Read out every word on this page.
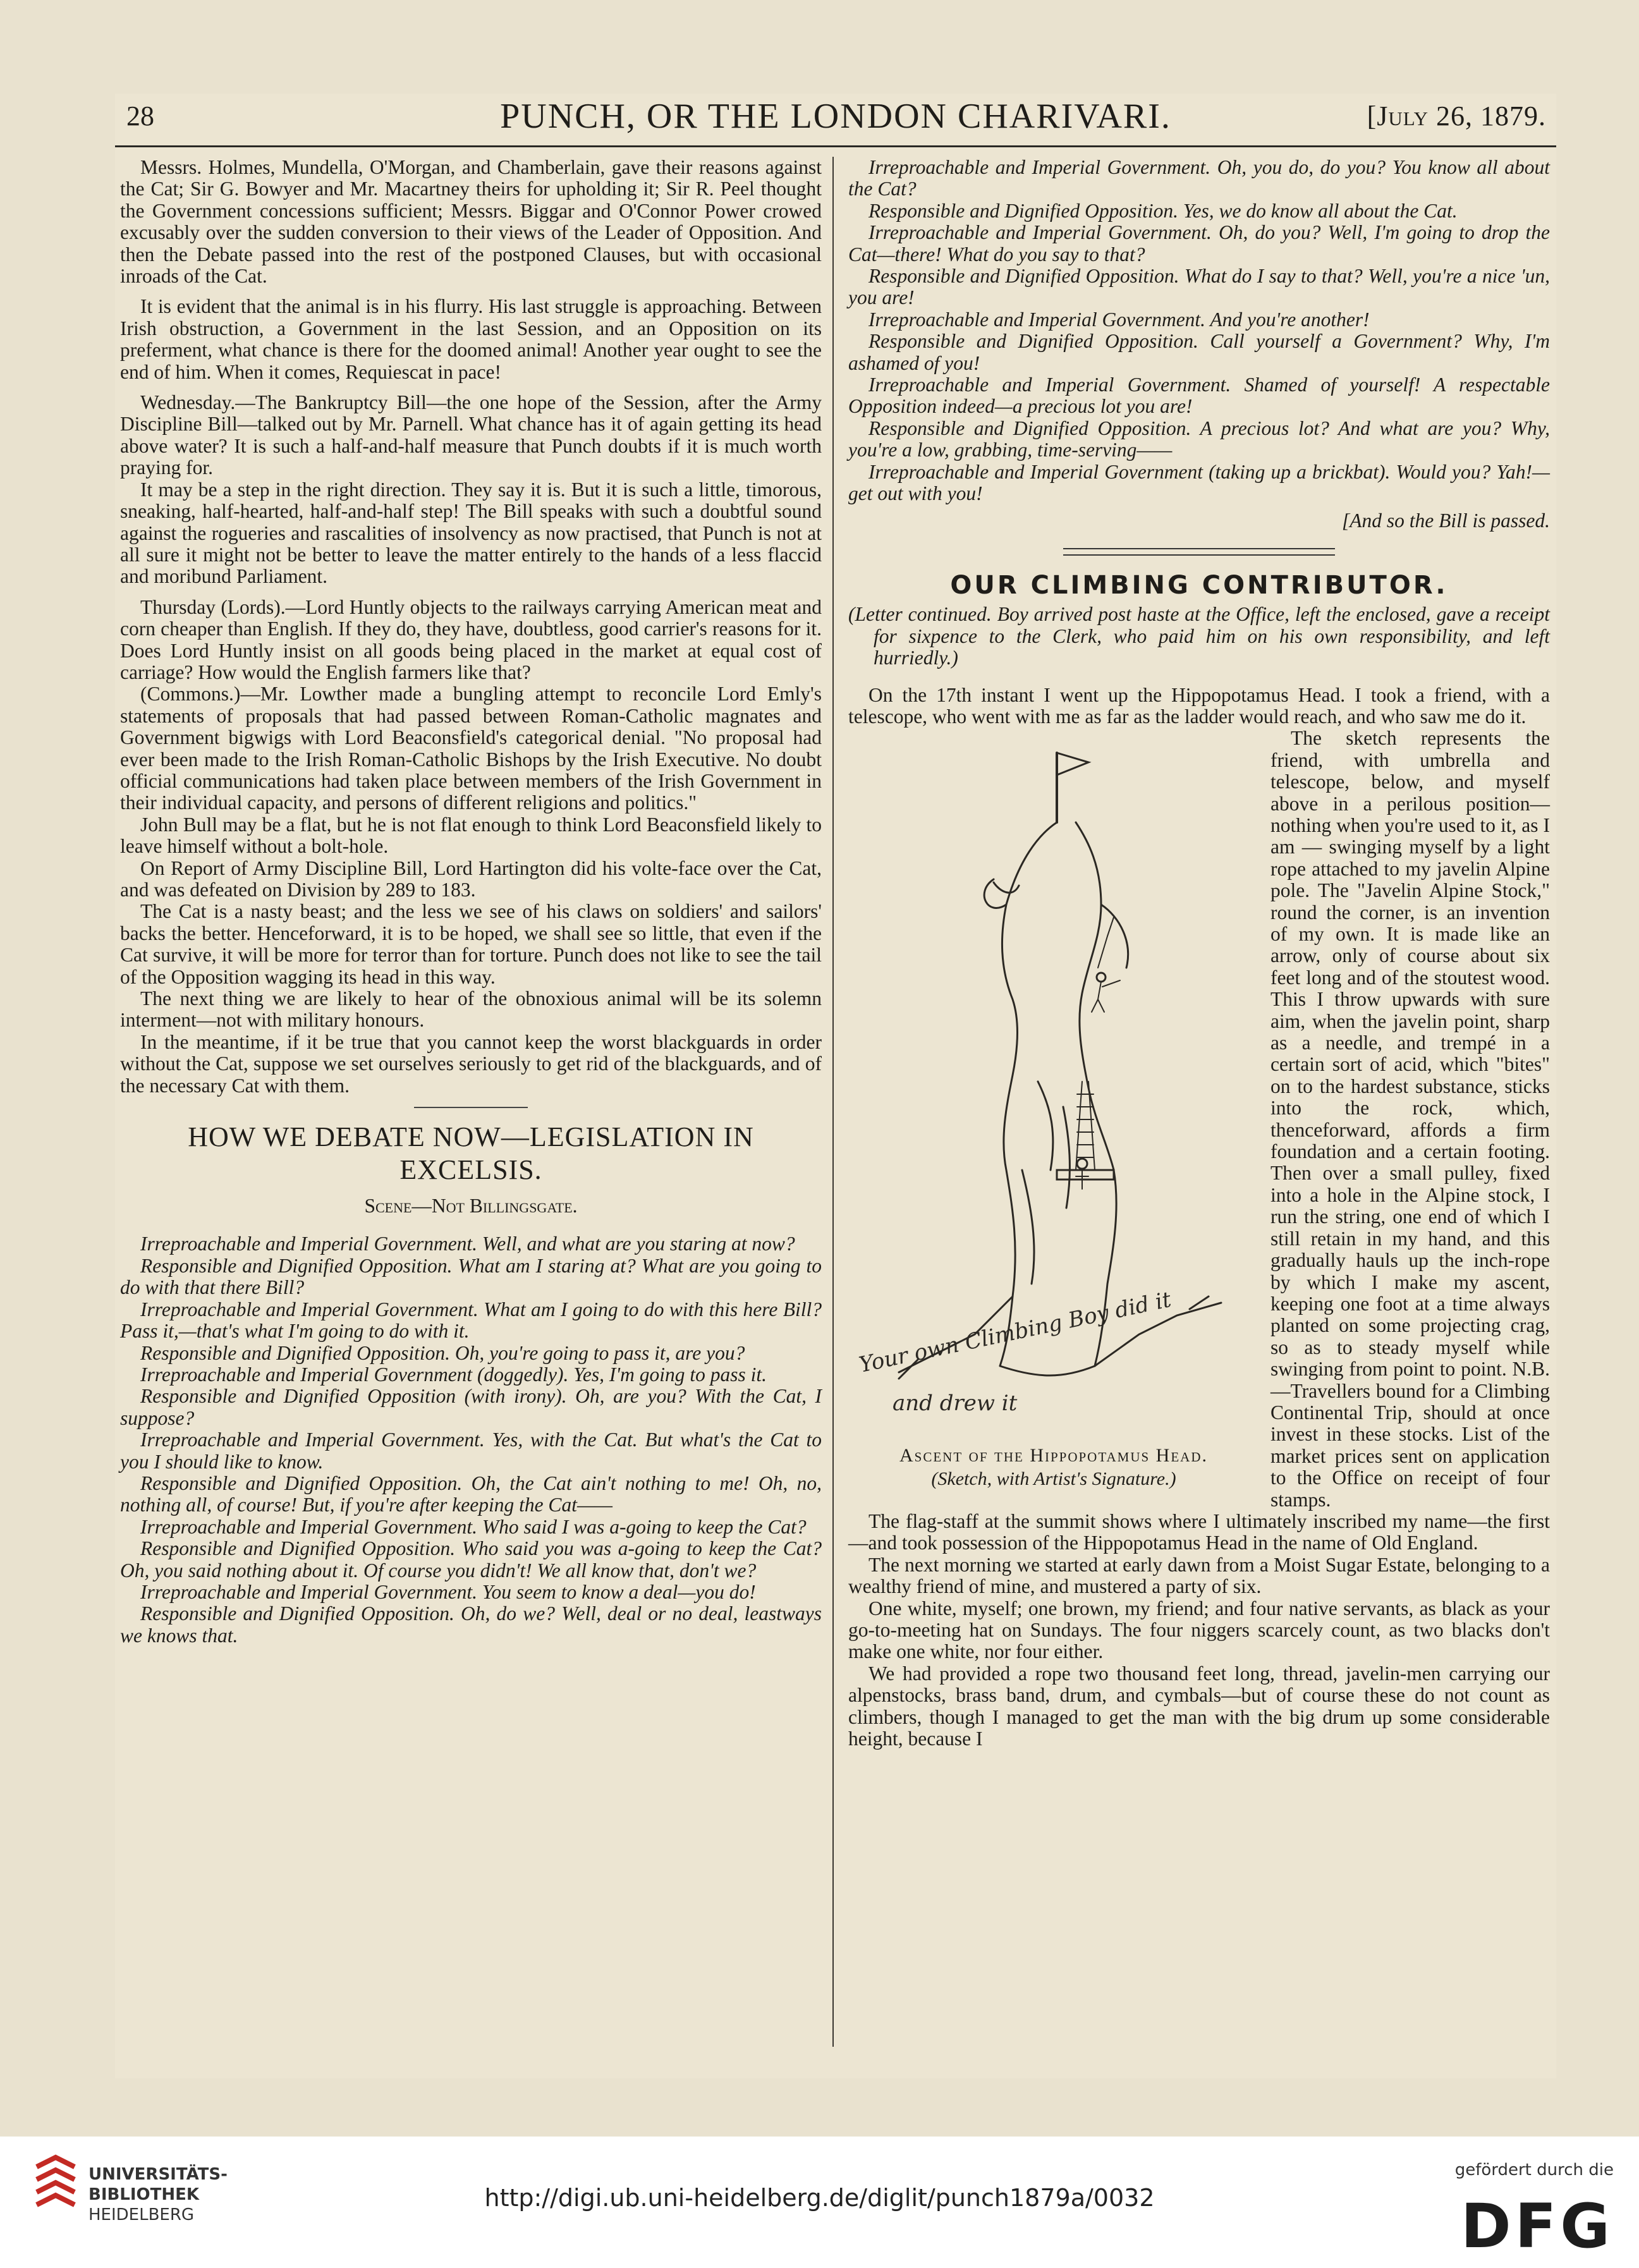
28	PUNCH, OR THE LONDON CHARIVARI.	[July 26, 1879.

Messrs. Holmes, Mundella, O'Morgan, and Chamberlain, gave their reasons against the Cat; Sir G. Bowyer and Mr. Macartney theirs for upholding it; Sir R. Peel thought the Government concessions sufficient; Messrs. Biggar and O'Connor Power crowed excusably over the sudden conversion to their views of the Leader of Opposition. And then the Debate passed into the rest of the postponed Clauses, but with occasional inroads of the Cat.

It is evident that the animal is in his flurry. His last struggle is approaching. Between Irish obstruction, a Government in the last Session, and an Opposition on its preferment, what chance is there for the doomed animal! Another year ought to see the end of him. When it comes, Requiescat in pace!

Wednesday.—The Bankruptcy Bill—the one hope of the Session, after the Army Discipline Bill—talked out by Mr. Parnell. What chance has it of again getting its head above water? It is such a half-and-half measure that Punch doubts if it is much worth praying for.

It may be a step in the right direction. They say it is. But it is such a little, timorous, sneaking, half-hearted, half-and-half step! The Bill speaks with such a doubtful sound against the rogueries and rascalities of insolvency as now practised, that Punch is not at all sure it might not be better to leave the matter entirely to the hands of a less flaccid and moribund Parliament.

Thursday (Lords).—Lord Huntly objects to the railways carrying American meat and corn cheaper than English. If they do, they have, doubtless, good carrier's reasons for it. Does Lord Huntly insist on all goods being placed in the market at equal cost of carriage? How would the English farmers like that?

(Commons.)—Mr. Lowther made a bungling attempt to reconcile Lord Emly's statements of proposals that had passed between Roman-Catholic magnates and Government bigwigs with Lord Beaconsfield's categorical denial. "No proposal had ever been made to the Irish Roman-Catholic Bishops by the Irish Executive. No doubt official communications had taken place between members of the Irish Government in their individual capacity, and persons of different religions and politics."

John Bull may be a flat, but he is not flat enough to think Lord Beaconsfield likely to leave himself without a bolt-hole.

On Report of Army Discipline Bill, Lord Hartington did his volte-face over the Cat, and was defeated on Division by 289 to 183.

The Cat is a nasty beast; and the less we see of his claws on soldiers' and sailors' backs the better. Henceforward, it is to be hoped, we shall see so little, that even if the Cat survive, it will be more for terror than for torture. Punch does not like to see the tail of the Opposition wagging its head in this way.

The next thing we are likely to hear of the obnoxious animal will be its solemn interment—not with military honours.

In the meantime, if it be true that you cannot keep the worst blackguards in order without the Cat, suppose we set ourselves seriously to get rid of the blackguards, and of the necessary Cat with them.

HOW WE DEBATE NOW—LEGISLATION IN EXCELSIS.
Scene—Not Billingsgate.

Irreproachable and Imperial Government. Well, and what are you staring at now?

Responsible and Dignified Opposition. What am I staring at? What are you going to do with that there Bill?

Irreproachable and Imperial Government. What am I going to do with this here Bill? Pass it,—that's what I'm going to do with it.

Responsible and Dignified Opposition. Oh, you're going to pass it, are you?

Irreproachable and Imperial Government (doggedly). Yes, I'm going to pass it.

Responsible and Dignified Opposition (with irony). Oh, are you? With the Cat, I suppose?

Irreproachable and Imperial Government. Yes, with the Cat. But what's the Cat to you I should like to know.

Responsible and Dignified Opposition. Oh, the Cat ain't nothing to me! Oh, no, nothing all, of course! But, if you're after keeping the Cat——

Irreproachable and Imperial Government. Who said I was a-going to keep the Cat?

Responsible and Dignified Opposition. Who said you was a-going to keep the Cat? Oh, you said nothing about it. Of course you didn't! We all know that, don't we?

Irreproachable and Imperial Government. You seem to know a deal—you do!

Responsible and Dignified Opposition. Oh, do we? Well, deal or no deal, leastways we knows that.

Irreproachable and Imperial Government. Oh, you do, do you? You know all about the Cat?

Responsible and Dignified Opposition. Yes, we do know all about the Cat.

Irreproachable and Imperial Government. Oh, do you? Well, I'm going to drop the Cat—there! What do you say to that?

Responsible and Dignified Opposition. What do I say to that? Well, you're a nice 'un, you are!

Irreproachable and Imperial Government. And you're another!

Responsible and Dignified Opposition. Call yourself a Government? Why, I'm ashamed of you!

Irreproachable and Imperial Government. Shamed of yourself! A respectable Opposition indeed—a precious lot you are!

Responsible and Dignified Opposition. A precious lot? And what are you? Why, you're a low, grabbing, time-serving——

Irreproachable and Imperial Government (taking up a brickbat). Would you? Yah!—get out with you!

[And so the Bill is passed.
OUR CLIMBING CONTRIBUTOR.
(Letter continued. Boy arrived post haste at the Office, left the enclosed, gave a receipt for sixpence to the Clerk, who paid him on his own responsibility, and left hurriedly.)

On the 17th instant I went up the Hippopotamus Head. I took a friend, with a telescope, who went with me as far as the ladder would reach, and who saw me do it.

Your own Climbing Boy did it
and drew it
Ascent of the Hippopotamus Head.
(Sketch, with Artist's Signature.)

The sketch represents the friend, with umbrella and telescope, below, and myself above in a perilous position—nothing when you're used to it, as I am — swinging myself by a light rope attached to my javelin Alpine pole. The "Javelin Alpine Stock," round the corner, is an invention of my own. It is made like an arrow, only of course about six feet long and of the stoutest wood. This I throw upwards with sure aim, when the javelin point, sharp as a needle, and trempé in a certain sort of acid, which "bites" on to the hardest substance, sticks into the rock, which, thenceforward, affords a firm foundation and a certain footing. Then over a small pulley, fixed into a hole in the Alpine stock, I run the string, one end of which I still retain in my hand, and this gradually hauls up the inch-rope by which I make my ascent, keeping one foot at a time always planted on some projecting crag, so as to steady myself while swinging from point to point. N.B.—Travellers bound for a Climbing Continental Trip, should at once invest in these stocks. List of the market prices sent on application to the Office on receipt of four stamps.

The flag-staff at the summit shows where I ultimately inscribed my name—the first—and took possession of the Hippopotamus Head in the name of Old England.

The next morning we started at early dawn from a Moist Sugar Estate, belonging to a wealthy friend of mine, and mustered a party of six.

One white, myself; one brown, my friend; and four native servants, as black as your go-to-meeting hat on Sundays. The four niggers scarcely count, as two blacks don't make one white, nor four either.

We had provided a rope two thousand feet long, thread, javelin-men carrying our alpenstocks, brass band, drum, and cymbals—but of course these do not count as climbers, though I managed to get the man with the big drum up some considerable height, because I

UNIVERSITÄTS-
BIBLIOTHEK
HEIDELBERG
http://digi.ub.uni-heidelberg.de/diglit/punch1879a/0032
gefördert durch die
DFG
